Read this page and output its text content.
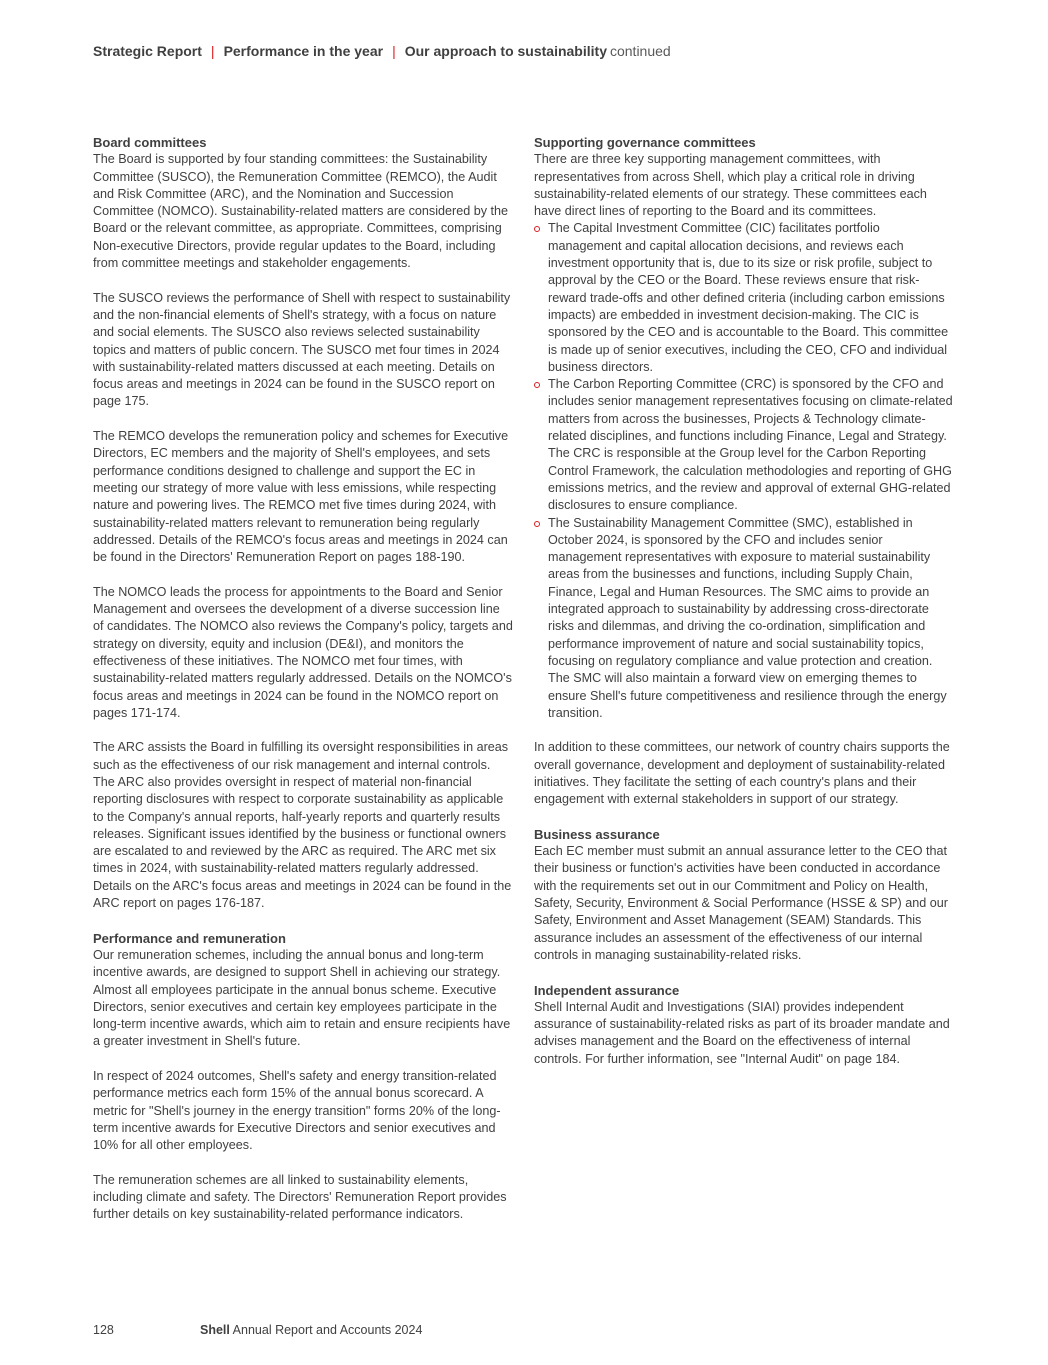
Strategic Report | Performance in the year | Our approach to sustainability continued
Board committees

The Board is supported by four standing committees: the Sustainability Committee (SUSCO), the Remuneration Committee (REMCO), the Audit and Risk Committee (ARC), and the Nomination and Succession Committee (NOMCO). Sustainability-related matters are considered by the Board or the relevant committee, as appropriate. Committees, comprising Non-executive Directors, provide regular updates to the Board, including from committee meetings and stakeholder engagements.

The SUSCO reviews the performance of Shell with respect to sustainability and the non-financial elements of Shell's strategy, with a focus on nature and social elements. The SUSCO also reviews selected sustainability topics and matters of public concern. The SUSCO met four times in 2024 with sustainability-related matters discussed at each meeting. Details on focus areas and meetings in 2024 can be found in the SUSCO report on page 175.

The REMCO develops the remuneration policy and schemes for Executive Directors, EC members and the majority of Shell's employees, and sets performance conditions designed to challenge and support the EC in meeting our strategy of more value with less emissions, while respecting nature and powering lives. The REMCO met five times during 2024, with sustainability-related matters relevant to remuneration being regularly addressed. Details of the REMCO's focus areas and meetings in 2024 can be found in the Directors' Remuneration Report on pages 188-190.

The NOMCO leads the process for appointments to the Board and Senior Management and oversees the development of a diverse succession line of candidates. The NOMCO also reviews the Company's policy, targets and strategy on diversity, equity and inclusion (DE&I), and monitors the effectiveness of these initiatives. The NOMCO met four times, with sustainability-related matters regularly addressed. Details on the NOMCO's focus areas and meetings in 2024 can be found in the NOMCO report on pages 171-174.

The ARC assists the Board in fulfilling its oversight responsibilities in areas such as the effectiveness of our risk management and internal controls. The ARC also provides oversight in respect of material non-financial reporting disclosures with respect to corporate sustainability as applicable to the Company's annual reports, half-yearly reports and quarterly results releases. Significant issues identified by the business or functional owners are escalated to and reviewed by the ARC as required. The ARC met six times in 2024, with sustainability-related matters regularly addressed. Details on the ARC's focus areas and meetings in 2024 can be found in the ARC report on pages 176-187.

Performance and remuneration

Our remuneration schemes, including the annual bonus and long-term incentive awards, are designed to support Shell in achieving our strategy. Almost all employees participate in the annual bonus scheme. Executive Directors, senior executives and certain key employees participate in the long-term incentive awards, which aim to retain and ensure recipients have a greater investment in Shell's future.

In respect of 2024 outcomes, Shell's safety and energy transition-related performance metrics each form 15% of the annual bonus scorecard. A metric for "Shell's journey in the energy transition" forms 20% of the long-term incentive awards for Executive Directors and senior executives and 10% for all other employees.

The remuneration schemes are all linked to sustainability elements, including climate and safety. The Directors' Remuneration Report provides further details on key sustainability-related performance indicators.

Supporting governance committees

There are three key supporting management committees, with representatives from across Shell, which play a critical role in driving sustainability-related elements of our strategy. These committees each have direct lines of reporting to the Board and its committees.

The Capital Investment Committee (CIC) facilitates portfolio management and capital allocation decisions, and reviews each investment opportunity that is, due to its size or risk profile, subject to approval by the CEO or the Board. These reviews ensure that risk-reward trade-offs and other defined criteria (including carbon emissions impacts) are embedded in investment decision-making. The CIC is sponsored by the CEO and is accountable to the Board. This committee is made up of senior executives, including the CEO, CFO and individual business directors.
The Carbon Reporting Committee (CRC) is sponsored by the CFO and includes senior management representatives focusing on climate-related matters from across the businesses, Projects & Technology climate-related disciplines, and functions including Finance, Legal and Strategy. The CRC is responsible at the Group level for the Carbon Reporting Control Framework, the calculation methodologies and reporting of GHG emissions metrics, and the review and approval of external GHG-related disclosures to ensure compliance.
The Sustainability Management Committee (SMC), established in October 2024, is sponsored by the CFO and includes senior management representatives with exposure to material sustainability areas from the businesses and functions, including Supply Chain, Finance, Legal and Human Resources. The SMC aims to provide an integrated approach to sustainability by addressing cross-directorate risks and dilemmas, and driving the co-ordination, simplification and performance improvement of nature and social sustainability topics, focusing on regulatory compliance and value protection and creation. The SMC will also maintain a forward view on emerging themes to ensure Shell's future competitiveness and resilience through the energy transition.

In addition to these committees, our network of country chairs supports the overall governance, development and deployment of sustainability-related initiatives. They facilitate the setting of each country's plans and their engagement with external stakeholders in support of our strategy.

Business assurance

Each EC member must submit an annual assurance letter to the CEO that their business or function's activities have been conducted in accordance with the requirements set out in our Commitment and Policy on Health, Safety, Security, Environment & Social Performance (HSSE & SP) and our Safety, Environment and Asset Management (SEAM) Standards. This assurance includes an assessment of the effectiveness of our internal controls in managing sustainability-related risks.

Independent assurance

Shell Internal Audit and Investigations (SIAI) provides independent assurance of sustainability-related risks as part of its broader mandate and advises management and the Board on the effectiveness of internal controls. For further information, see "Internal Audit" on page 184.

128	Shell Annual Report and Accounts 2024
